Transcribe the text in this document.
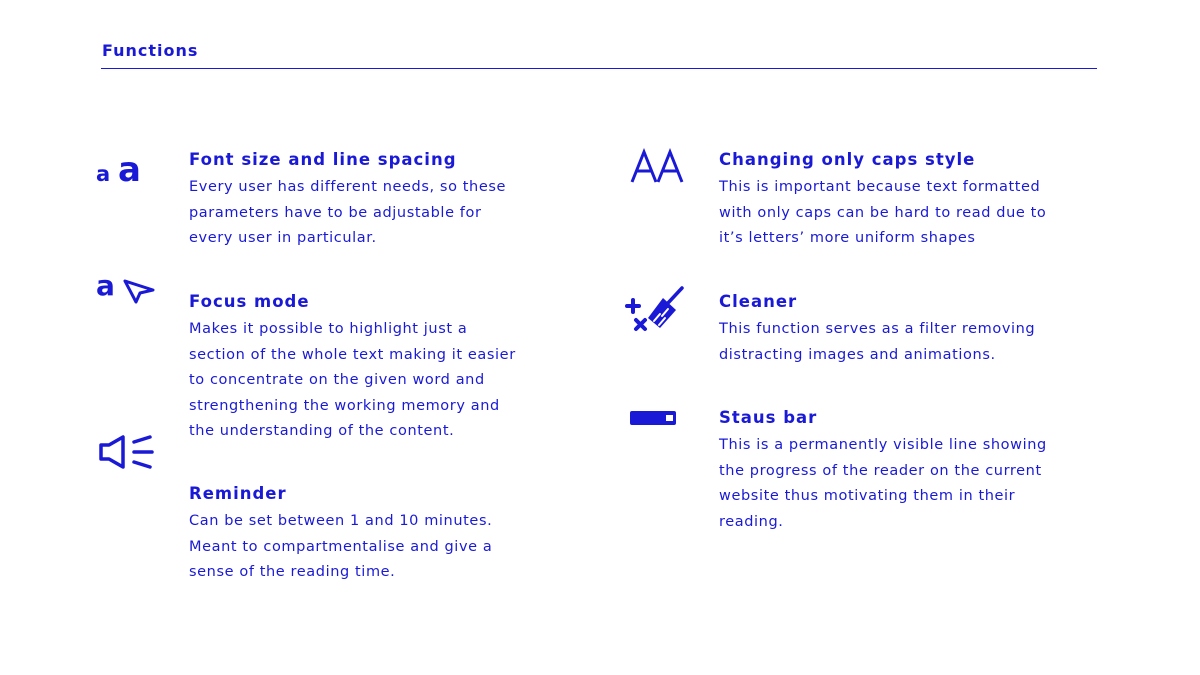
Functions
a a
a
Font size and line spacing
Every user has different needs, so these
parameters have to be adjustable for
every user in particular.
Focus mode
Makes it possible to highlight just a
section of the whole text making it easier
to concentrate on the given word and
strengthening the working memory and
the understanding of the content.
Reminder
Can be set between 1 and 10 minutes.
Meant to compartmentalise and give a
sense of the reading time.
Changing only caps style
This is important because text formatted
with only caps can be hard to read due to
it’s letters’ more uniform shapes
Cleaner
This function serves as a filter removing
distracting images and animations.
Staus bar
This is a permanently visible line showing
the progress of the reader on the current
website thus motivating them in their
reading.
